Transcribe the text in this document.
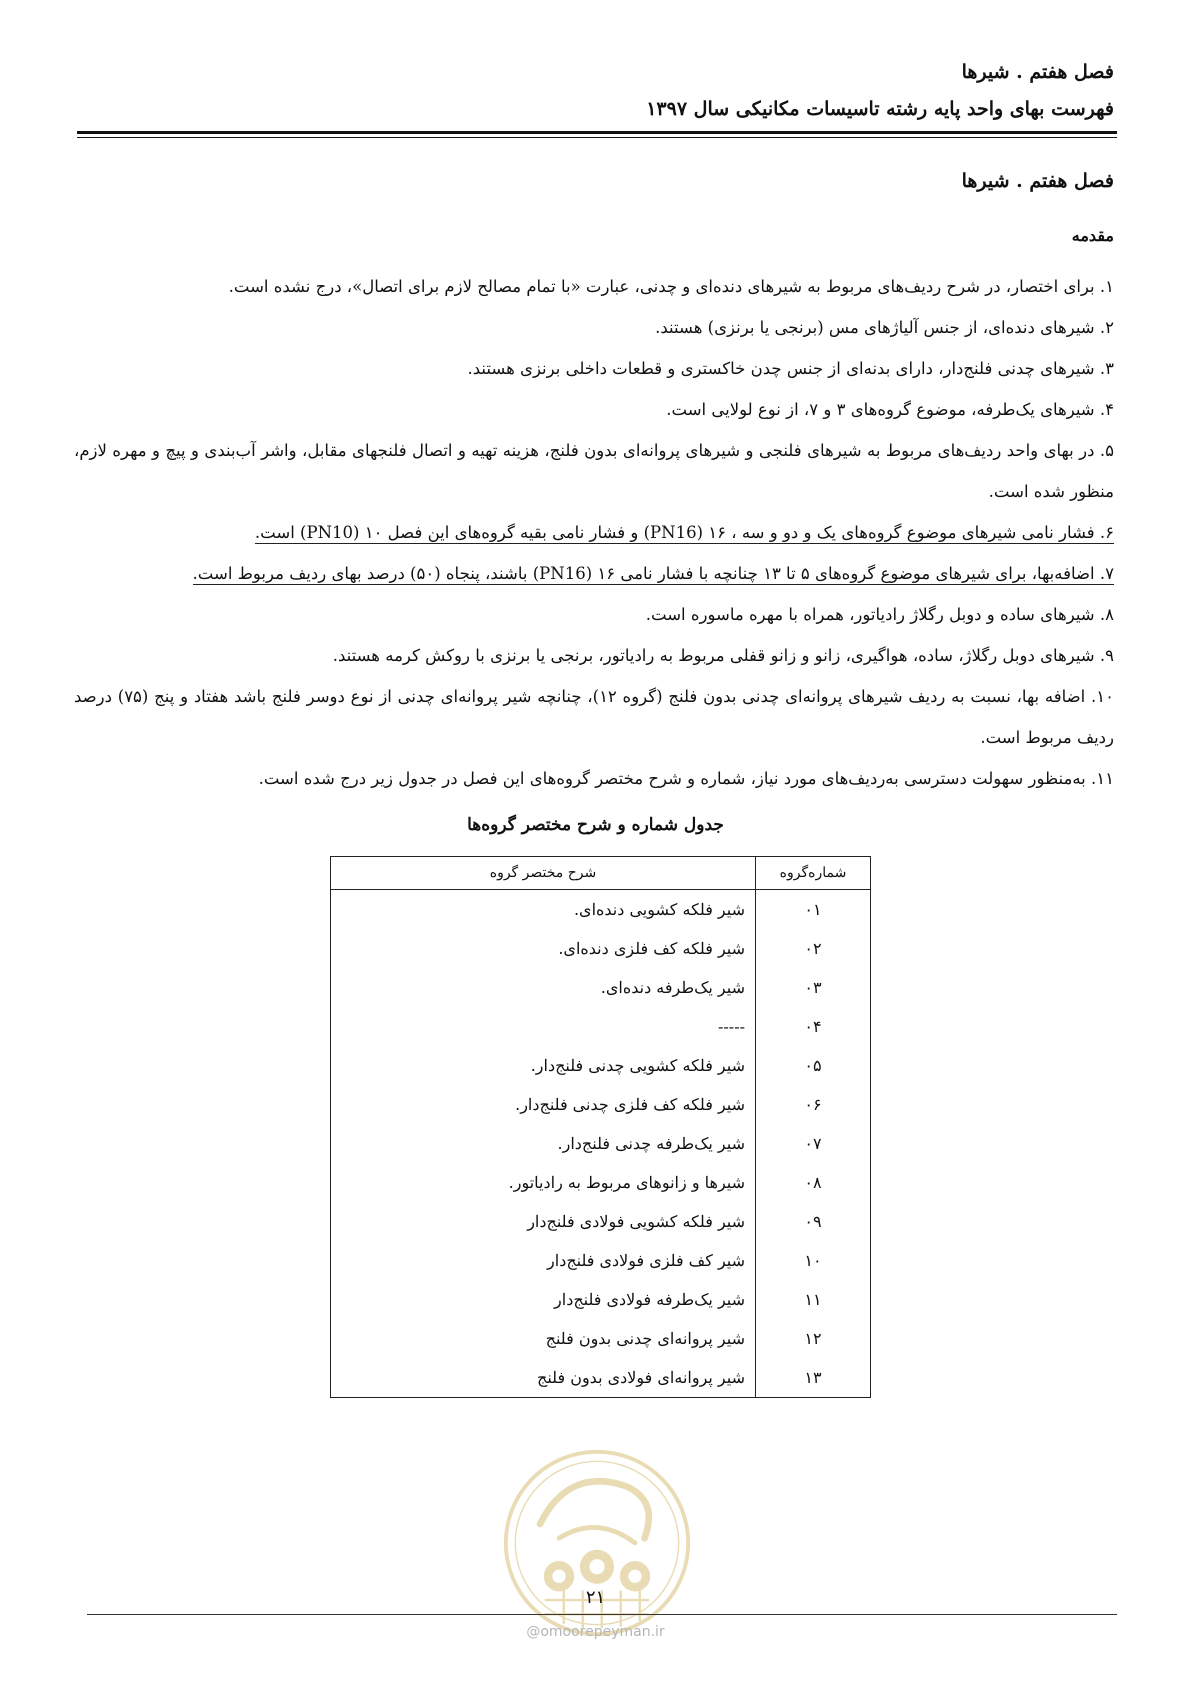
فصل هفتم . شیرها
فهرست بهای واحد پایه رشته تاسیسات مکانیکی سال ۱۳۹۷
فصل هفتم . شیرها
مقدمه
۱. برای اختصار، در شرح ردیف‌های مربوط به شیرهای دنده‌ای و چدنی، عبارت «با تمام مصالح لازم برای اتصال»، درج نشده است.
۲. شیرهای دنده‌ای، از جنس آلیاژهای مس (برنجی یا برنزی) هستند.
۳. شیرهای چدنی فلنج‌دار، دارای بدنه‌ای از جنس چدن خاکستری و قطعات داخلی برنزی هستند.
۴. شیرهای یک‌طرفه، موضوع گروه‌های ۳ و ۷، از نوع لولایی است.
۵. در بهای واحد ردیف‌های مربوط به شیرهای فلنجی و شیرهای پروانه‌ای بدون فلنج، هزینه تهیه و اتصال فلنجهای مقابل، واشر آب‌بندی و پیچ و مهره لازم، منظور شده است.
۶. فشار نامی شیرهای موضوع گروه‌های یک و دو و سه ، ۱۶ (PN16) و فشار نامی بقیه گروه‌های این فصل ۱۰ (PN10) است.
۷. اضافه‌بها، برای شیرهای موضوع گروه‌های ۵ تا ۱۳ چنانچه با فشار نامی ۱۶ (PN16) باشند، پنجاه (۵۰) درصد بهای ردیف مربوط است.
۸. شیرهای ساده و دوبل رگلاژ رادیاتور، همراه با مهره ماسوره است.
۹. شیرهای دوبل رگلاژ، ساده، هواگیری، زانو و زانو قفلی مربوط به رادیاتور، برنجی یا برنزی با روکش کرمه هستند.
۱۰. اضافه بها، نسبت به ردیف شیرهای پروانه‌ای چدنی بدون فلنج (گروه ۱۲)، چنانچه شیر پروانه‌ای چدنی از نوع دوسر فلنج باشد هفتاد و پنج (۷۵) درصد ردیف مربوط است.
۱۱. به‌منظور سهولت دسترسی به‌ردیف‌های مورد نیاز، شماره و شرح مختصر گروه‌های این فصل در جدول زیر درج شده است.
جدول شماره و شرح مختصر گروه‌ها
شماره‌گروه	شرح مختصر گروه
۰۱	شیر فلکه کشویی دنده‌ای.
۰۲	شیر فلکه کف فلزی دنده‌ای.
۰۳	شیر یک‌طرفه دنده‌ای.
۰۴	-----
۰۵	شیر فلکه کشویی چدنی فلنج‌دار.
۰۶	شیر فلکه کف فلزی چدنی فلنج‌دار.
۰۷	شیر یک‌طرفه چدنی فلنج‌دار.
۰۸	شیرها و زانوهای مربوط به رادیاتور.
۰۹	شیر فلکه کشویی فولادی فلنج‌دار
۱۰	شیر کف فلزی فولادی فلنج‌دار
۱۱	شیر یک‌طرفه فولادی فلنج‌دار
۱۲	شیر پروانه‌ای چدنی بدون فلنج
۱۳	شیر پروانه‌ای فولادی بدون فلنج
۲۱
@omoorepeyman.ir
